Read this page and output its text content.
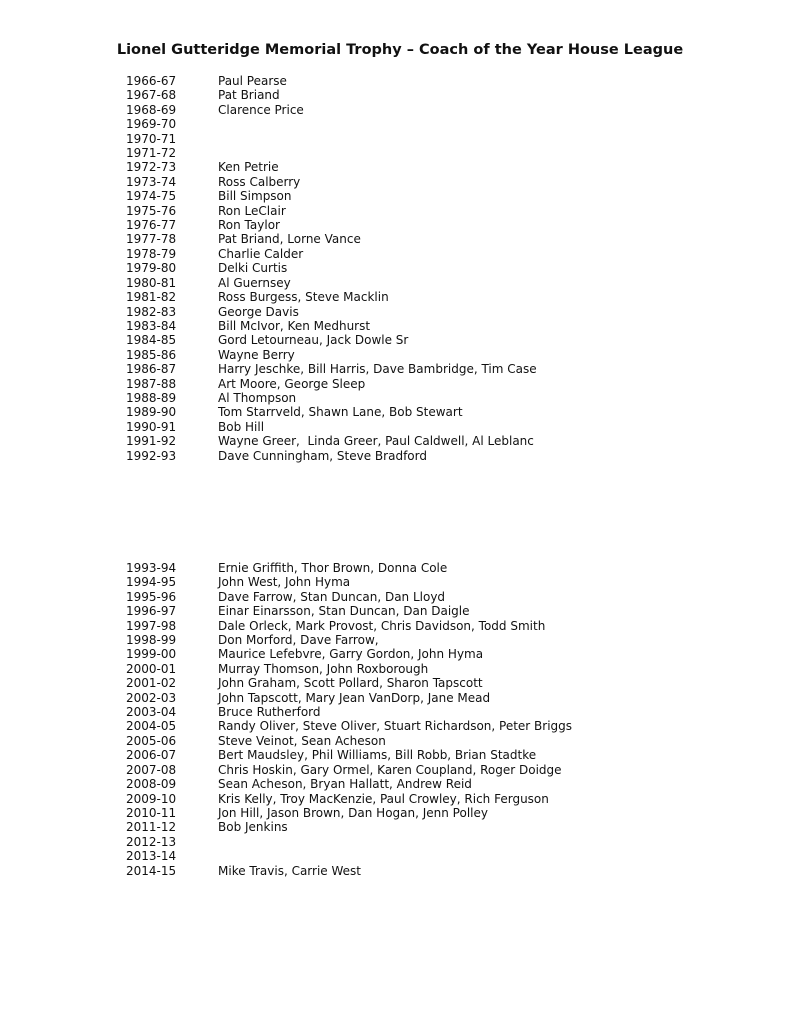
Lionel Gutteridge Memorial Trophy – Coach of the Year House League
1966-67	Paul Pearse
1967-68	Pat Briand
1968-69	Clarence Price
1969-70
1970-71
1971-72
1972-73	Ken Petrie
1973-74	Ross Calberry
1974-75	Bill Simpson
1975-76	Ron LeClair
1976-77	Ron Taylor
1977-78	Pat Briand, Lorne Vance
1978-79	Charlie Calder
1979-80	Delki Curtis
1980-81	Al Guernsey
1981-82	Ross Burgess, Steve Macklin
1982-83	George Davis
1983-84	Bill McIvor, Ken Medhurst
1984-85	Gord Letourneau, Jack Dowle Sr
1985-86	Wayne Berry
1986-87	Harry Jeschke, Bill Harris, Dave Bambridge, Tim Case
1987-88	Art Moore, George Sleep
1988-89	Al Thompson
1989-90	Tom Starrveld, Shawn Lane, Bob Stewart
1990-91	Bob Hill
1991-92	Wayne Greer,  Linda Greer, Paul Caldwell, Al Leblanc
1992-93	Dave Cunningham, Steve Bradford
1993-94	Ernie Griffith, Thor Brown, Donna Cole
1994-95	John West, John Hyma
1995-96	Dave Farrow, Stan Duncan, Dan Lloyd
1996-97	Einar Einarsson, Stan Duncan, Dan Daigle
1997-98	Dale Orleck, Mark Provost, Chris Davidson, Todd Smith
1998-99	Don Morford, Dave Farrow,
1999-00	Maurice Lefebvre, Garry Gordon, John Hyma
2000-01	Murray Thomson, John Roxborough
2001-02	John Graham, Scott Pollard, Sharon Tapscott
2002-03	John Tapscott, Mary Jean VanDorp, Jane Mead
2003-04	Bruce Rutherford
2004-05	Randy Oliver, Steve Oliver, Stuart Richardson, Peter Briggs
2005-06	Steve Veinot, Sean Acheson
2006-07	Bert Maudsley, Phil Williams, Bill Robb, Brian Stadtke
2007-08	Chris Hoskin, Gary Ormel, Karen Coupland, Roger Doidge
2008-09	Sean Acheson, Bryan Hallatt, Andrew Reid
2009-10	Kris Kelly, Troy MacKenzie, Paul Crowley, Rich Ferguson
2010-11	Jon Hill, Jason Brown, Dan Hogan, Jenn Polley
2011-12	Bob Jenkins
2012-13
2013-14
2014-15	Mike Travis, Carrie West
